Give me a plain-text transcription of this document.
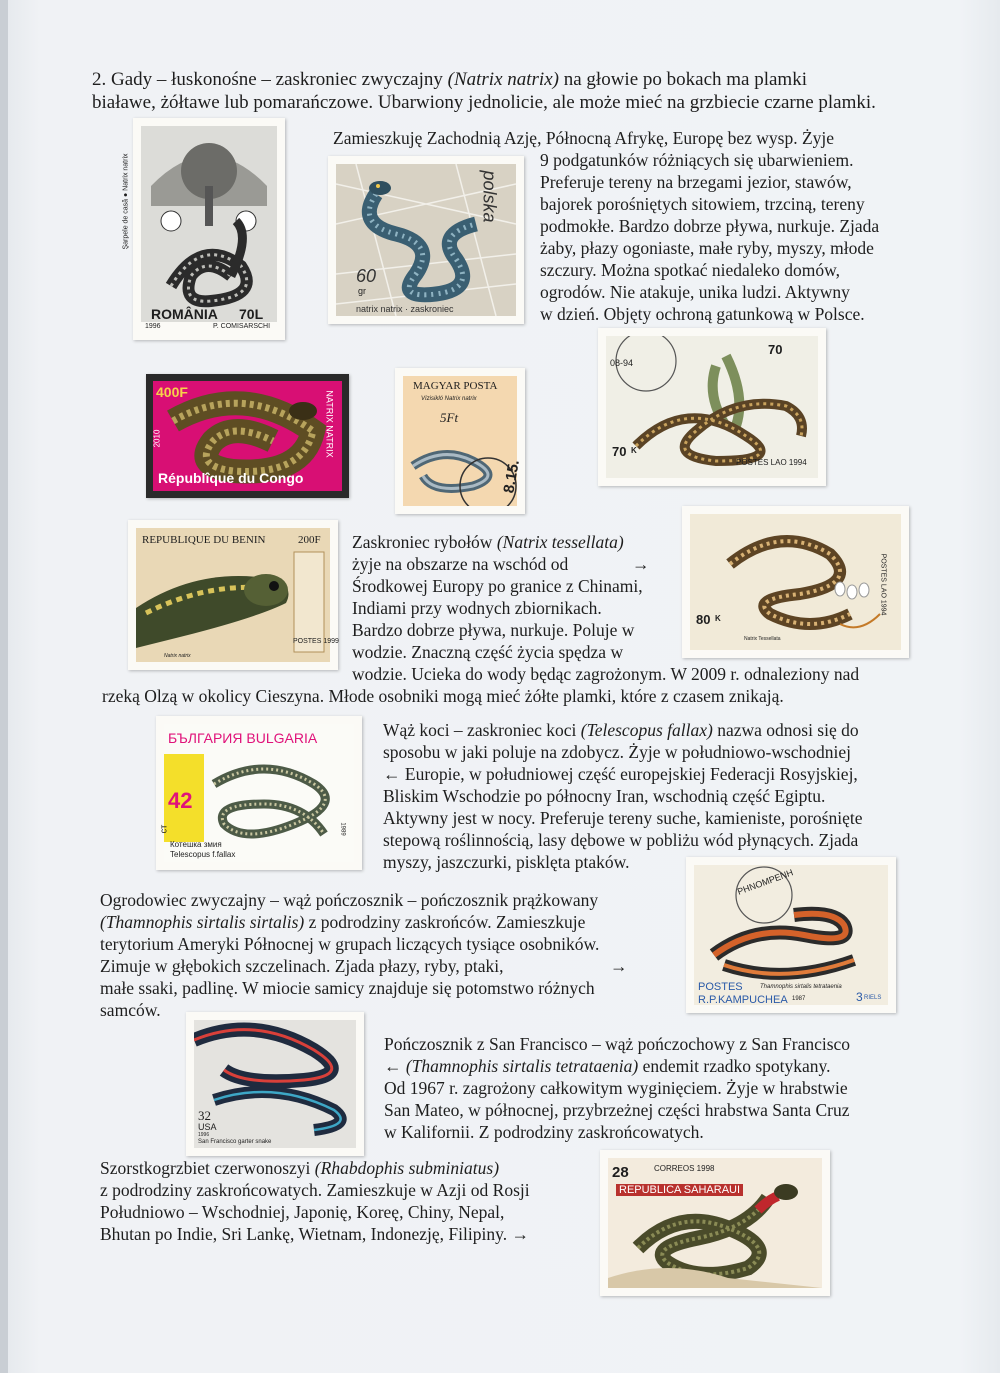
2. Gady – łuskonośne – zaskroniec zwyczajny (Natrix natrix) na głowie po bokach ma plamki

białawe, żółtawe lub pomarańczowe. Ubarwiony jednolicie, ale może mieć na grzbiecie czarne plamki.

Zamieszkuję Zachodnią Azję, Północną Afrykę, Europę bez wysp. Żyje

9 podgatunków różniących się ubarwieniem.
Preferuje tereny na brzegami jezior, stawów,
bajorek porośniętych sitowiem, trzciną, tereny
podmokłe. Bardzo dobrze pływa, nurkuje. Zjada
żaby, płazy ogoniaste, małe ryby, myszy, młode
szczury. Można spotkać niedaleko domów,
ogrodów. Nie atakuje, unika ludzi. Aktywny
w dzień. Objęty ochroną gatunkową w Polsce.

Zaskroniec rybołów (Natrix tessellata)

żyje na obszarze na wschód od	→

Środkowej Europy po granice z Chinami,
Indiami przy wodnych zbiornikach.
Bardzo dobrze pływa, nurkuje. Poluje w
wodzie. Znaczną część życia spędza w
wodzie. Ucieka do wody będąc zagrożonym. W 2009 r. odnaleziony nad

rzeką Olzą w okolicy Cieszyna. Młode osobniki mogą mieć żółte plamki, które z czasem znikają.

Wąż koci – zaskroniec koci (Telescopus fallax) nazwa odnosi się do

sposobu w jaki poluje na zdobycz. Żyje w południowo-wschodniej
← Europie, w południowej część europejskiej Federacji Rosyjskiej,
Bliskim Wschodzie po północny Iran, wschodnią część Egiptu.
Aktywny jest w nocy. Preferuje tereny suche, kamieniste, porośnięte
stepową roślinnością, lasy dębowe w pobliżu wód płynących. Zjada
myszy, jaszczurki, pisklęta ptaków.

Ogrodowiec zwyczajny – wąż pończosznik – pończosznik prążkowany

(Thamnophis sirtalis sirtalis) z podrodziny zaskrońców. Zamieszkuje

terytorium Ameryki Północnej w grupach liczących tysiące osobników.
Zimuje w głębokich szczelinach. Zjada płazy, ryby, ptaki,	→

małe ssaki, padlinę. W miocie samicy znajduje się potomstwo różnych
samców.

Pończosznik z San Francisco – wąż pończochowy z San Francisco

← (Thamnophis sirtalis tetrataenia) endemit rzadko spotykany.

Od 1967 r. zagrożony całkowitym wyginięciem. Żyje w hrabstwie
San Mateo, w północnej, przybrzeżnej części hrabstwa Santa Cruz
w Kalifornii. Z podrodziny zaskrońcowatych.

Szorstkogrzbiet czerwonoszyi (Rhabdophis subminiatus)

z podrodziny zaskrońcowatych. Zamieszkuje w Azji od Rosji
Południowo – Wschodniej, Japonię, Koreę, Chiny, Nepal,
Bhutan po Indie, Sri Lankę, Wietnam, Indonezję, Filipiny. →

ROMÂNIA 70L
1996	P. COMISARSCHI
Şarpele de casă ● Natrix natrix	polska
60
gr
natrix natrix · zaskroniec
400F
Républîque du Congo
NATRIX NATRIX
2010
MAGYAR POSTA
Vízisikló Natrix natrix
5Ft
8.15.
70
70 K
POSTES LAO 1994
08-94
REPUBLIQUE DU BENIN	200F
Natrix natrix
POSTES 1999
80 K
Natrix Tessellata
POSTES LAO 1994
БЪЛГАРИЯ BULGARIA
42
ст
Котешка змия
Telescopus f.fallax
1989
POSTES
R.P.KAMPUCHEA 1987
Thamnophis sirtalis tetrataenia
3 RIELS
PHNOMPENH
32
USA
1996
San Francisco garter snake
28	CORREOS 1998
REPUBLICA SAHARAUI
